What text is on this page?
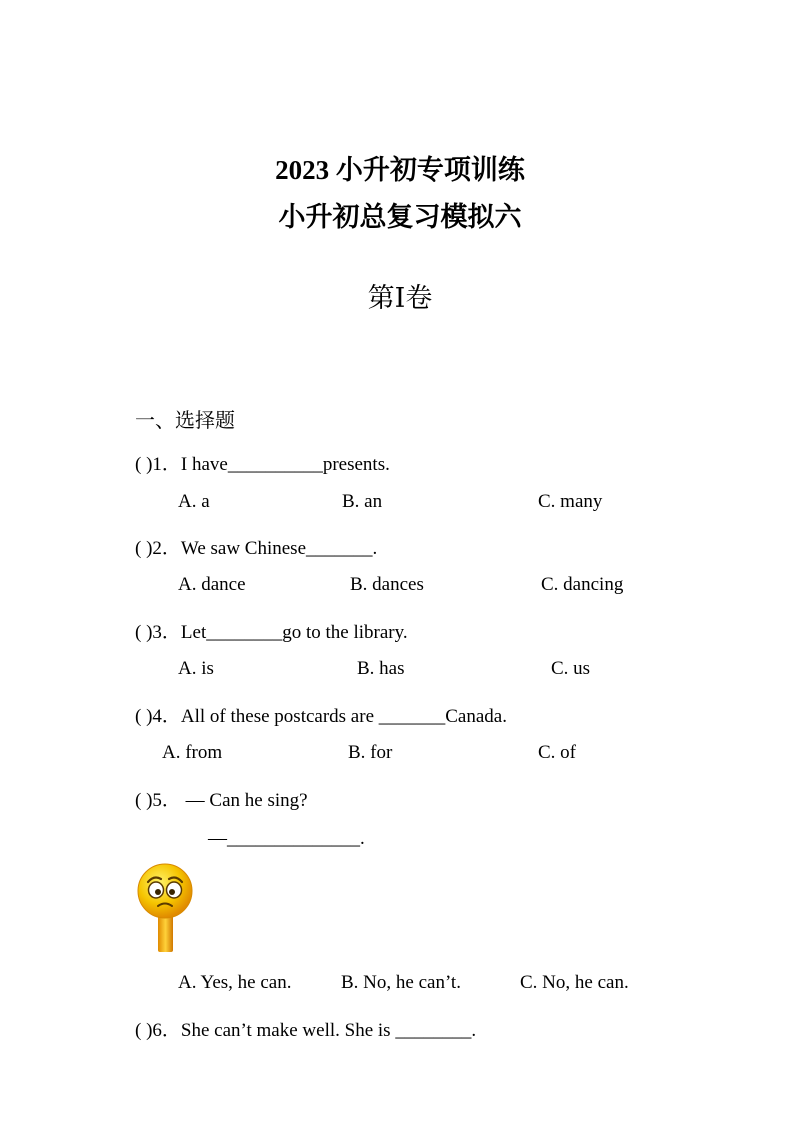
2023 小升初专项训练
小升初总复习模拟六
第Ⅰ卷
一、选择题
( )1．I have__________presents.
A. a	B. an	C. many
( )2．We saw Chinese_______.
A. dance	B. dances	C. dancing
( )3．Let________go to the library.
A. is	B. has	C. us
( )4．All of these postcards are _______Canada.
A. from	B. for	C. of
( )5． — Can he sing?
—______________.
A. Yes, he can.	B. No, he can’t.	C. No, he can.
( )6．She can’t make well. She is ________.
